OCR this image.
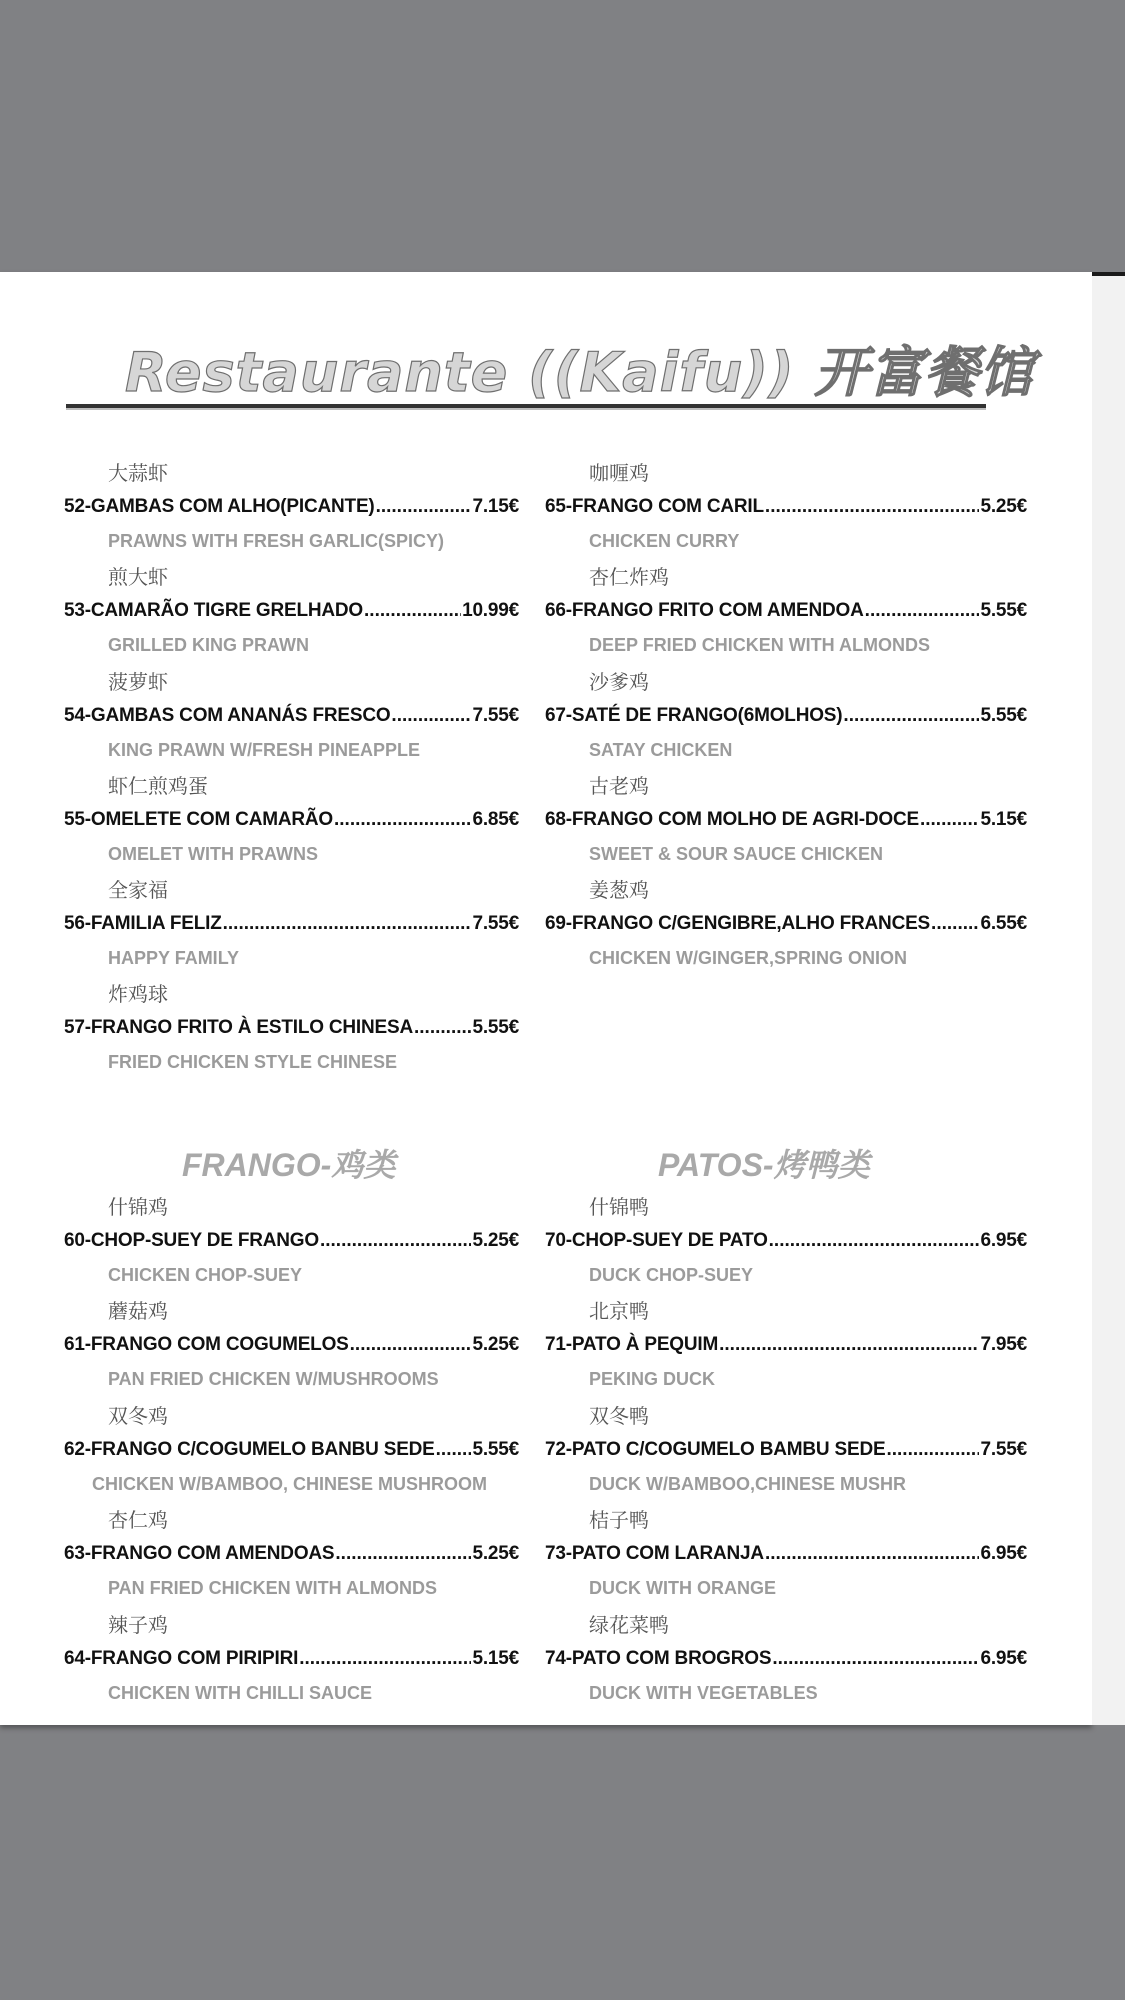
Restaurante ((Kaifu)) 开富餐馆
大蒜虾
52-GAMBAS COM ALHO(PICANTE) .....	7.15€
PRAWNS WITH FRESH GARLIC(SPICY)
煎大虾
53-CAMARÃO TIGRE GRELHADO .....	10.99€
GRILLED KING PRAWN
菠萝虾
54-GAMBAS COM ANANÁS FRESCO .....	7.55€
KING PRAWN W/FRESH PINEAPPLE
虾仁煎鸡蛋
55-OMELETE COM CAMARÃO .....	6.85€
OMELET WITH PRAWNS
全家福
56-FAMILIA FELIZ .....	7.55€
HAPPY FAMILY
炸鸡球
57-FRANGO FRITO À ESTILO CHINESA .....	5.55€
FRIED CHICKEN STYLE CHINESE
咖喱鸡
65-FRANGO COM CARIL .....	5.25€
CHICKEN CURRY
杏仁炸鸡
66-FRANGO FRITO COM AMENDOA .....	5.55€
DEEP FRIED CHICKEN WITH ALMONDS
沙爹鸡
67-SATÉ DE FRANGO(6MOLHOS) .....	5.55€
SATAY CHICKEN
古老鸡
68-FRANGO COM MOLHO DE AGRI-DOCE .....	5.15€
SWEET & SOUR SAUCE CHICKEN
姜葱鸡
69-FRANGO C/GENGIBRE,ALHO FRANCES .....	6.55€
CHICKEN W/GINGER,SPRING ONION
FRANGO-鸡类	PATOS-烤鸭类
什锦鸡
60-CHOP-SUEY DE FRANGO .....	5.25€
CHICKEN CHOP-SUEY
蘑菇鸡
61-FRANGO COM COGUMELOS .....	5.25€
PAN FRIED CHICKEN W/MUSHROOMS
双冬鸡
62-FRANGO C/COGUMELO BANBU SEDE ..... 5.55€
CHICKEN W/BAMBOO, CHINESE MUSHROOM
杏仁鸡
63-FRANGO COM AMENDOAS .....	5.25€
PAN FRIED CHICKEN WITH ALMONDS
辣子鸡
64-FRANGO COM PIRIPIRI .....	5.15€
CHICKEN WITH CHILLI SAUCE
什锦鸭
70-CHOP-SUEY DE PATO .....	6.95€
DUCK CHOP-SUEY
北京鸭
71-PATO À PEQUIM .....	7.95€
PEKING DUCK
双冬鸭
72-PATO C/COGUMELO BAMBU SEDE .....	7.55€
DUCK W/BAMBOO,CHINESE MUSHR
桔子鸭
73-PATO COM LARANJA .....	6.95€
DUCK WITH ORANGE
绿花菜鸭
74-PATO COM BROGROS .....	6.95€
DUCK WITH VEGETABLES
